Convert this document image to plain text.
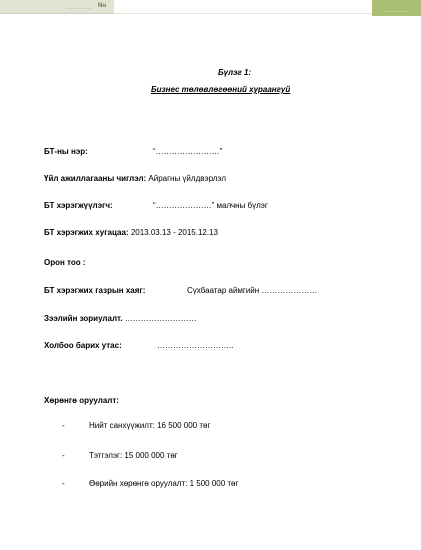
…………… Nu
……………
Бүлэг 1:
Бизнес төлөвлөгөөний хураангуй
БТ-ны нэр:	“……………………”
Үйл ажиллагааны чиглэл: Айрагны үйлдвэрлэл
БТ хэрэгжүүлэгч:	“…………………” малчны бүлэг
БТ хэрэгжих хугацаа: 2013.03.13 - 2015.12.13
Орон тоо :
БТ хэрэгжих газрын хаяг:	Сүхбаатар аймгийн …………………
Зээлийн зориулалт. ………………………
Холбоо барих утас:	………………………..
Хөрөнгө оруулалт:
-	Нийт санхүүжилт: 16 500 000 төг
-	Тэтгэлэг: 15 000 000 төг
-	Өөрийн хөрөнгө оруулалт: 1 500 000 төг
